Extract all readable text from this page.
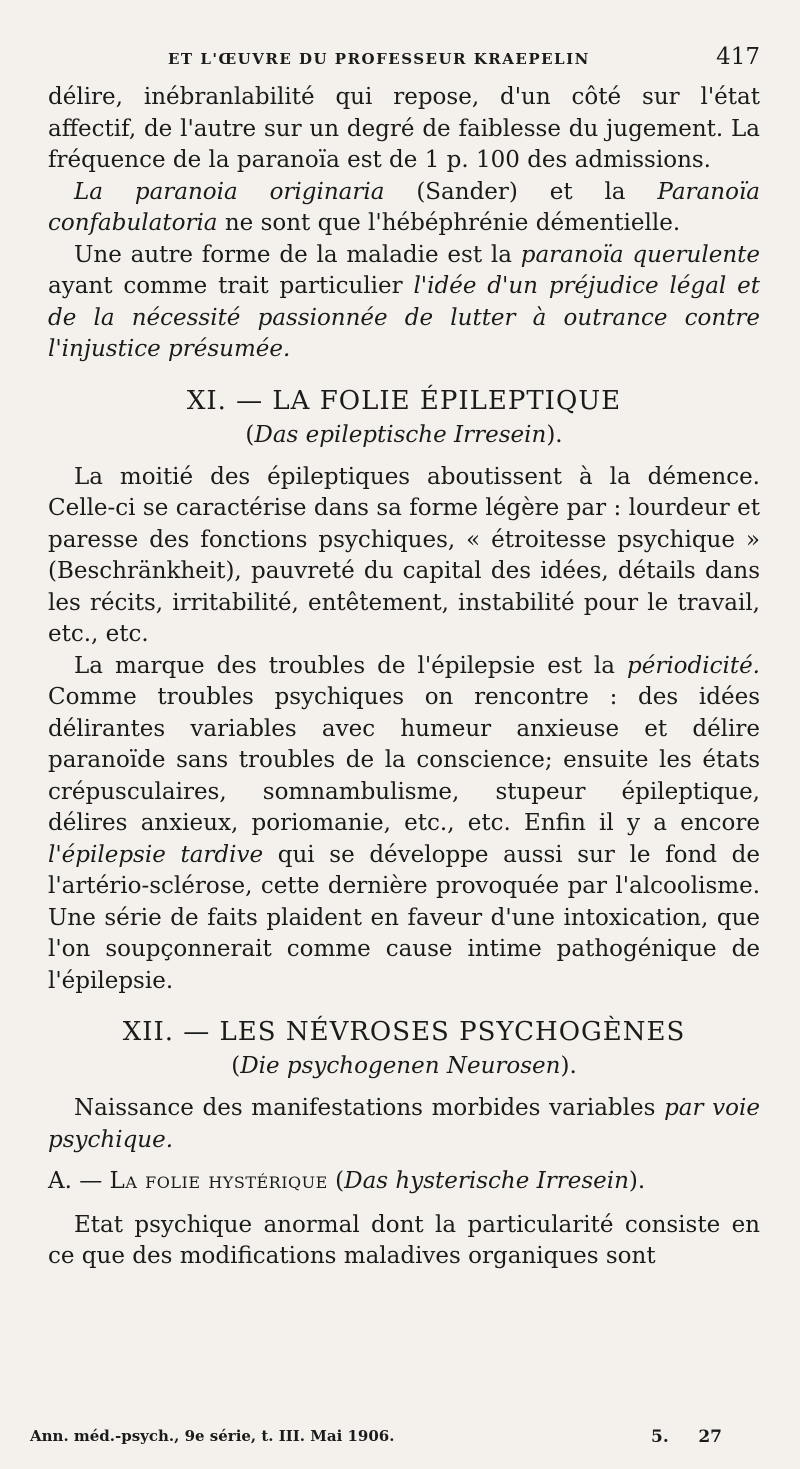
ET L'ŒUVRE DU PROFESSEUR KRAEPELIN	417

délire, inébranlabilité qui repose, d'un côté sur l'état affectif, de l'autre sur un degré de faiblesse du jugement. La fréquence de la paranoïa est de 1 p. 100 des admissions.

La paranoia originaria (Sander) et la Paranoïa confabulatoria ne sont que l'hébéphrénie démentielle.

Une autre forme de la maladie est la paranoïa querulente ayant comme trait particulier l'idée d'un préjudice légal et de la nécessité passionnée de lutter à outrance contre l'injustice présumée.

XI. — LA FOLIE ÉPILEPTIQUE
(Das epileptische Irresein).

La moitié des épileptiques aboutissent à la démence. Celle-ci se caractérise dans sa forme légère par : lourdeur et paresse des fonctions psychiques, « étroitesse psychique » (Beschränkheit), pauvreté du capital des idées, détails dans les récits, irritabilité, entêtement, instabilité pour le travail, etc., etc.

La marque des troubles de l'épilepsie est la périodicité. Comme troubles psychiques on rencontre : des idées délirantes variables avec humeur anxieuse et délire paranoïde sans troubles de la conscience; ensuite les états crépusculaires, somnambulisme, stupeur épileptique, délires anxieux, poriomanie, etc., etc. Enfin il y a encore l'épilepsie tardive qui se développe aussi sur le fond de l'artério-sclérose, cette dernière provoquée par l'alcoolisme. Une série de faits plaident en faveur d'une intoxication, que l'on soupçonnerait comme cause intime pathogénique de l'épilepsie.

XII. — LES NÉVROSES PSYCHOGÈNES
(Die psychogenen Neurosen).

Naissance des manifestations morbides variables par voie psychique.

A. — La folie hystérique (Das hysterische Irresein).

Etat psychique anormal dont la particularité consiste en ce que des modifications maladives organiques sont

Ann. méd.-psych., 9e série, t. III. Mai 1906.	5.     27
